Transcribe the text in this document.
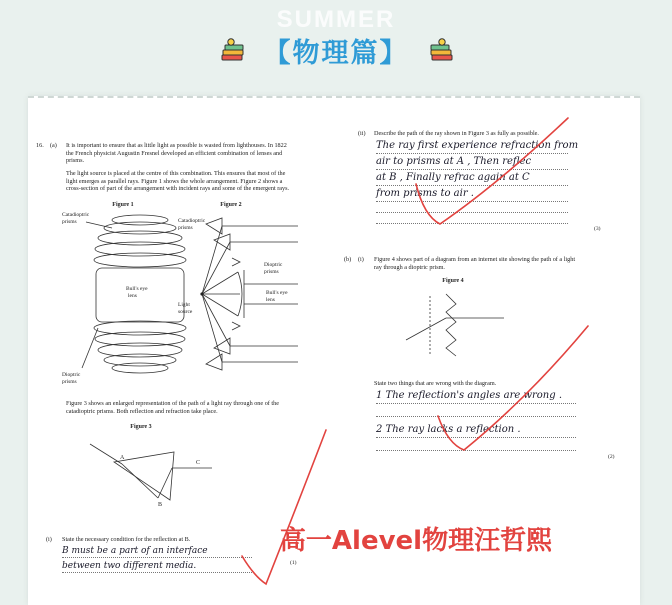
SUMMER
【物理篇】
16. (a) It is important to ensure that as little light as possible is wasted from lighthouses. In 1822
the French physicist Augustin Fresnel developed an efficient combination of lenses and
prisms.
The light source is placed at the centre of this combination. This ensures that most of the
light emerges as parallel rays. Figure 1 shows the whole arrangement. Figure 2 shows a
cross-section of part of the arrangement with incident rays and some of the emergent rays.
Figure 1
Catadioptric
prisms
Bull's eye
lens
Dioptric
prisms
Figure 2
Catadioptric
prisms
Dioptric
prisms
Bull's eye
lens
Light
source
Figure 3 shows an enlarged representation of the path of a light ray through one of the
catadioptric prisms. Both reflection and refraction take place.
Figure 3
A
B
C
(i) State the necessary condition for the reflection at B.
B must be a part of an interface
between two different media.	(1)
(ii) Describe the path of the ray shown in Figure 3 as fully as possible.
The ray first experience refraction from
air to prisms at A , Then reflec
at B , Finally refrac again at C
from prisms to air .
(3)
(b) (i) Figure 4 shows part of a diagram from an internet site showing the path of a light
ray through a dioptric prism.
Figure 4
State two things that are wrong with the diagram.
1 The reflection's angles are wrong .
2 The ray lacks a reflection .
(2)
高一Alevel物理汪哲熙
